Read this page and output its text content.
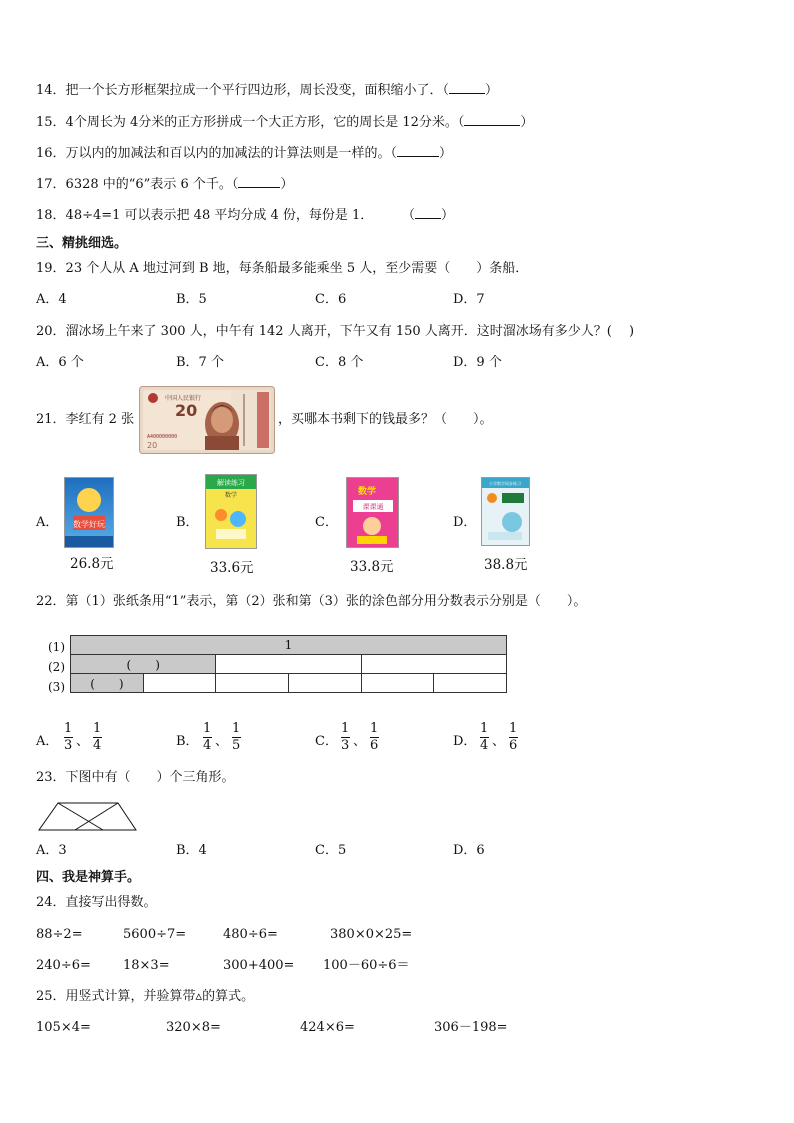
14．把一个长方形框架拉成一个平行四边形，周长没变，面积缩小了．（	）
15．4个周长为 4分米的正方形拼成一个大正方形，它的周长是 12分米。（	）
16．万以内的加减法和百以内的加减法的计算法则是一样的。（	）
17．6328 中的“6”表示 6 个千。（	）
18．48÷4=1 可以表示把 48 平均分成 4 份，每份是 1． （ ）
三、精挑细选。
19．23 个人从 A 地过河到 B 地，每条船最多能乘坐 5 人，至少需要（　　）条船．
A．4	B．5	C．6	D．7
20．溜冰场上午来了 300 人，中午有 142 人离开，下午又有 150 人离开．这时溜冰场有多少人？(　 )
A．6 个	B．7 个	C．8 个	D．9 个
21．李红有 2 张
中国人民银行
20
A400000000
20
，买哪本书剩下的钱最多？（　　）。
A．	B．	C．	D．
数学好玩
26.8元
解读练习
数学
33.6元
数学
课课通
33.8元
小学数学同步练习
38.8元
22．第（1）张纸条用“1”表示，第（2）张和第（3）张的涂色部分用分数表示分别是（　　）。
(1)
(2)
(3)
1					
(　　)					
(　　)					
A．
1
3 、
1
4	B．
1
4 、
1
5	C．
1
3 、
1
6	D．
1
4 、
1
6
23．下图中有（　　）个三角形。
A．3	B．4	C．5	D．6
四、我是神算手。
24．直接写出得数。
88÷2=	5600÷7=	480÷6=	380×0×25=
240÷6= 18×3=	300+400= 100－60÷6＝
25．用竖式计算，并验算带▵的算式。
105×4=	320×8=	424×6=	306－198=
